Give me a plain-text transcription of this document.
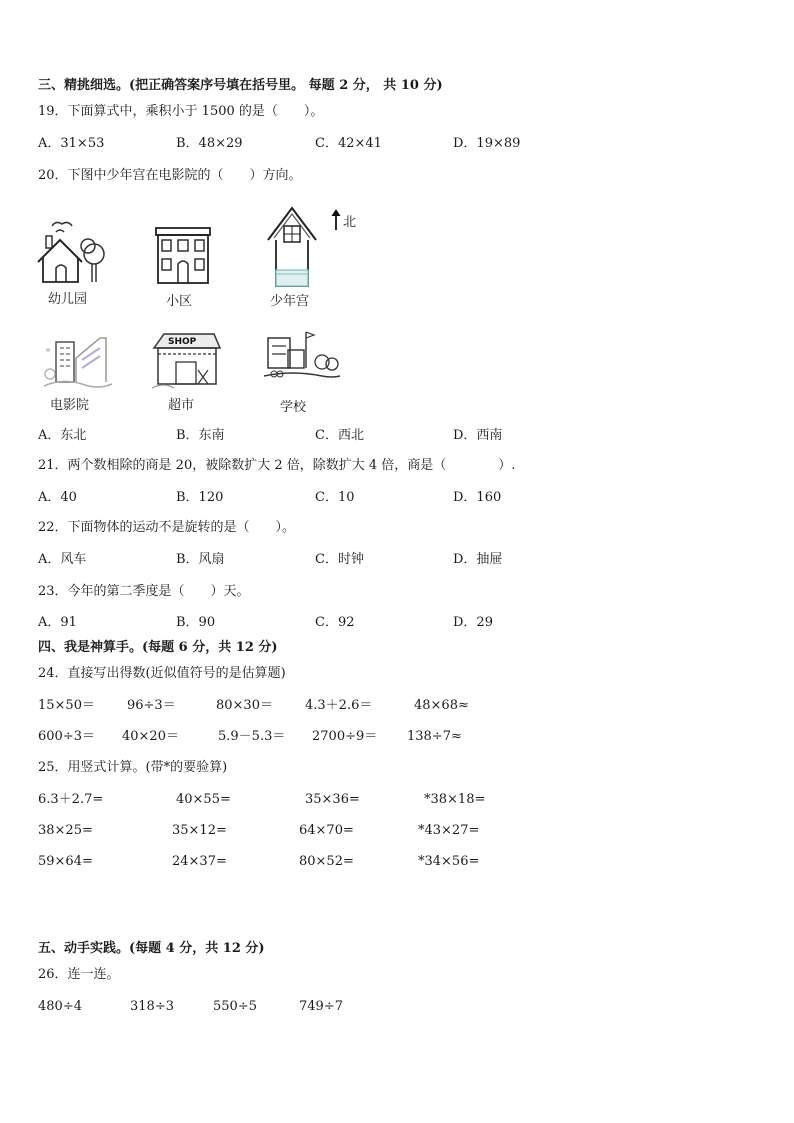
三、精挑细选。(把正确答案序号填在括号里。 每题 2 分， 共 10 分)
19．下面算式中，乘积小于 1500 的是（　　）。
A．31×53	B．48×29	C．42×41	D．19×89
20．下图中少年宫在电影院的（　　）方向。
幼儿园	小区
北
少年宫
电影院
SHOP
超市	学校
A．东北	B．东南	C．西北	D．西南
21．两个数相除的商是 20，被除数扩大 2 倍，除数扩大 4 倍，商是（　　　　）.
A．40	B．120	C．10	D．160
22．下面物体的运动不是旋转的是（　　）。
A．风车	B．风扇	C．时钟	D．抽屉
23．今年的第二季度是（　　）天。
A．91	B．90	C．92	D．29
四、我是神算手。(每题 6 分，共 12 分)
24．直接写出得数(近似值符号的是估算题)
15×50＝ 96÷3＝	80×30＝ 4.3＋2.6＝	48×68≈
600÷3＝ 40×20＝	5.9－5.3＝ 2700÷9＝ 138÷7≈
25．用竖式计算。(带*的要验算)
6.3＋2.7=	40×55=	35×36=	*38×18=
38×25=	35×12=	64×70=	*43×27=
59×64=	24×37=	80×52=	*34×56=
五、动手实践。(每题 4 分，共 12 分)
26．连一连。
480÷4	318÷3	550÷5	749÷7
